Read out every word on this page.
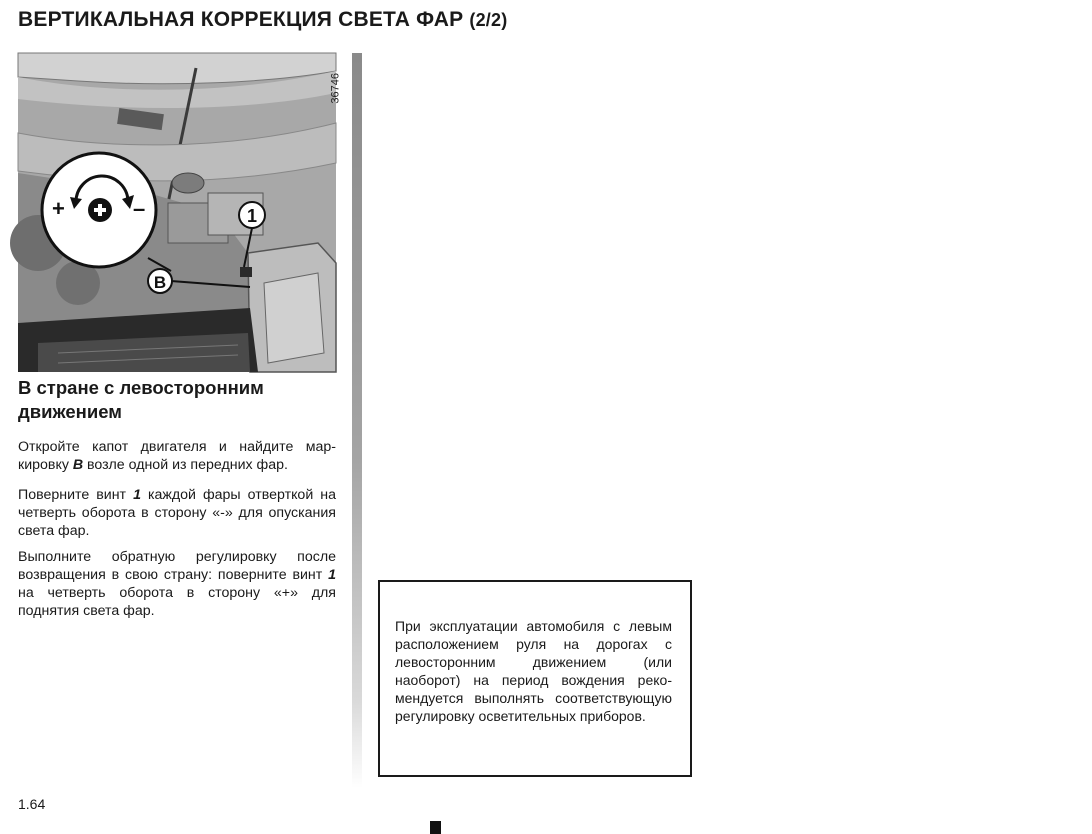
ВЕРТИКАЛЬНАЯ КОРРЕКЦИЯ СВЕТА ФАР (2/2)
+	–	1
B
36746
В стране с левосторонним движением
Откройте капот двигателя и найдите маркировку B возле одной из передних фар.
Поверните винт 1 каждой фары отверткой на четверть оборота в сторону «-» для опускания света фар.
Выполните обратную регулировку после возвращения в свою страну: поверните винт 1 на четверть оборота в сторону «+» для поднятия света фар.
При эксплуатации автомобиля с левым расположением руля на дорогах с левосторонним движением (или наоборот) на период вождения рекомендуется выполнять соответствующую регулировку осветительных приборов.
1.64
